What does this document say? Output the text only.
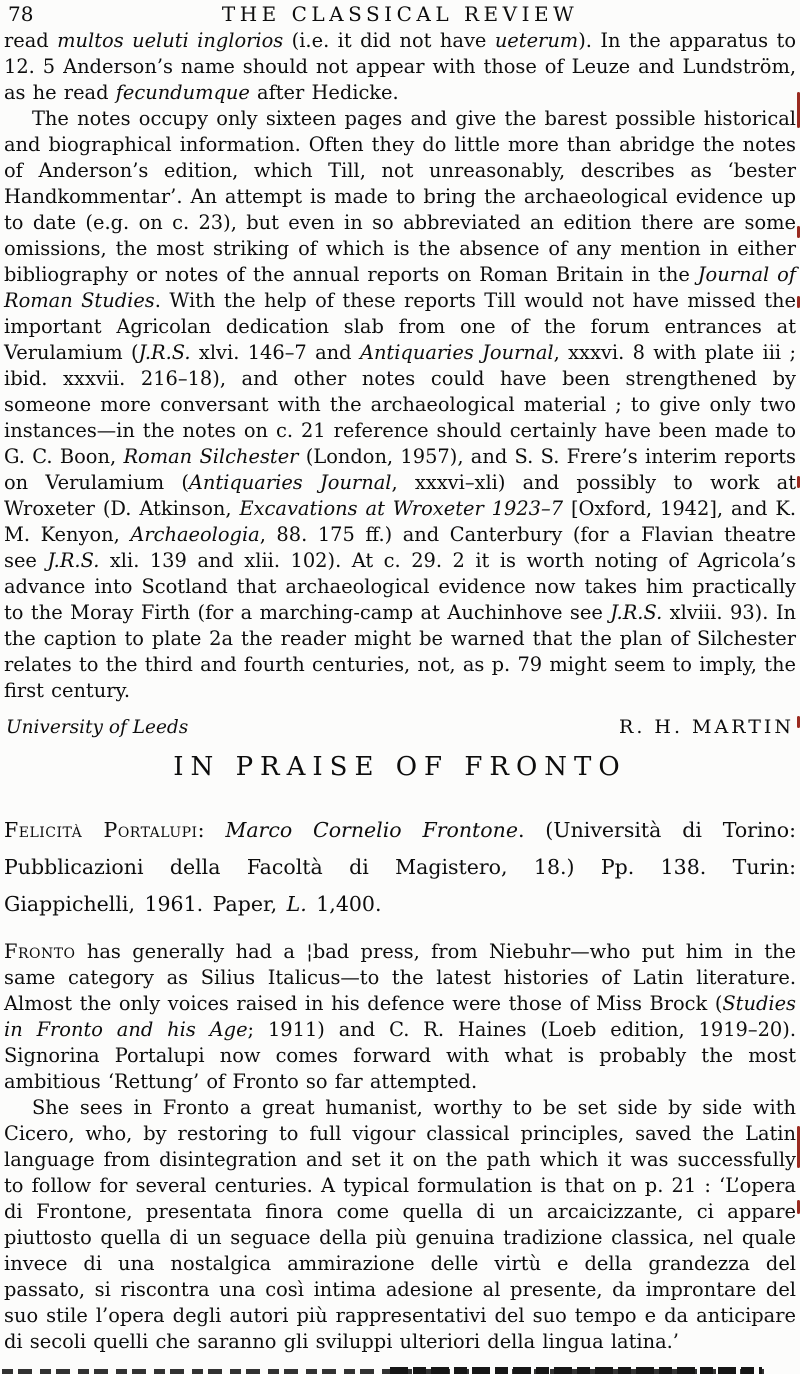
78	THE CLASSICAL REVIEW

read multos ueluti inglorios (i.e. it did not have ueterum). In the apparatus to 12. 5 Anderson’s name should not appear with those of Leuze and Lundström, as he read fecundumque after Hedicke.

The notes occupy only sixteen pages and give the barest possible historical and biographical information. Often they do little more than abridge the notes of Anderson’s edition, which Till, not unreasonably, describes as ‘bester Handkommentar’. An attempt is made to bring the archaeological evidence up to date (e.g. on c. 23), but even in so abbreviated an edition there are some omissions, the most striking of which is the absence of any mention in either bibliography or notes of the annual reports on Roman Britain in the Journal of Roman Studies. With the help of these reports Till would not have missed the important Agricolan dedication slab from one of the forum entrances at Verulamium (J.R.S. xlvi. 146–7 and Antiquaries Journal, xxxvi. 8 with plate iii ; ibid. xxxvii. 216–18), and other notes could have been strengthened by someone more conversant with the archaeological material ; to give only two instances—in the notes on c. 21 reference should certainly have been made to G. C. Boon, Roman Silchester (London, 1957), and S. S. Frere’s interim reports on Verulamium (Antiquaries Journal, xxxvi–xli) and possibly to work at Wroxeter (D. Atkinson, Excavations at Wroxeter 1923–7 [Oxford, 1942], and K. M. Kenyon, Archaeologia, 88. 175 ff.) and Canterbury (for a Flavian theatre see J.R.S. xli. 139 and xlii. 102). At c. 29. 2 it is worth noting of Agricola’s advance into Scotland that archaeological evidence now takes him practically to the Moray Firth (for a marching-camp at Auchinhove see J.R.S. xlviii. 93). In the caption to plate 2a the reader might be warned that the plan of Silchester relates to the third and fourth centuries, not, as p. 79 might seem to imply, the first century.

University of Leeds	R. H. MARTIN
IN PRAISE OF FRONTO

Felicità Portalupi: Marco Cornelio Frontone. (Università di Torino: Pubblicazioni della Facoltà di Magistero, 18.) Pp. 138. Turin: Giappichelli, 1961. Paper, L. 1,400.

Fronto has generally had a ¦bad press, from Niebuhr—who put him in the same category as Silius Italicus—to the latest histories of Latin literature. Almost the only voices raised in his defence were those of Miss Brock (Studies in Fronto and his Age; 1911) and C. R. Haines (Loeb edition, 1919–20). Signorina Portalupi now comes forward with what is probably the most ambitious ‘Rettung’ of Fronto so far attempted.

She sees in Fronto a great humanist, worthy to be set side by side with Cicero, who, by restoring to full vigour classical principles, saved the Latin language from disintegration and set it on the path which it was successfully to follow for several centuries. A typical formulation is that on p. 21 : ‘L’opera di Frontone, presentata finora come quella di un arcaicizzante, ci appare piuttosto quella di un seguace della più genuina tradizione classica, nel quale invece di una nostalgica ammirazione delle virtù e della grandezza del passato, si riscontra una così intima adesione al presente, da improntare del suo stile l’opera degli autori più rappresentativi del suo tempo e da anticipare di secoli quelli che saranno gli sviluppi ulteriori della lingua latina.’
